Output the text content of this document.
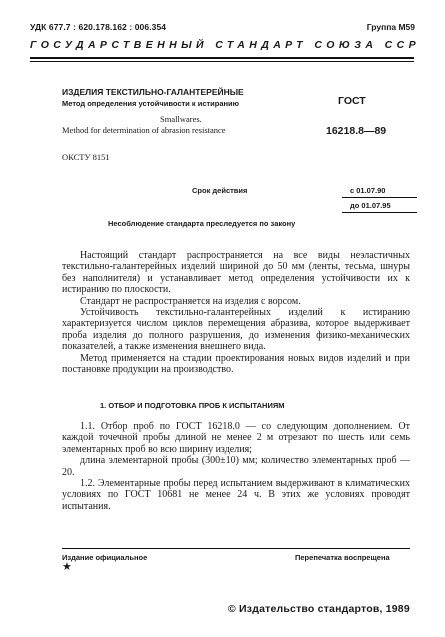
УДК 677.7 : 620.178.162 : 006.354	Группа М59
ГОСУДАРСТВЕННЫЙ СТАНДАРТ СОЮЗА ССР
ИЗДЕЛИЯ ТЕКСТИЛЬНО-ГАЛАНТЕРЕЙНЫЕ
Метод определения устойчивости к истиранию
Smallwares.
Method for determination of abrasion resistance
ГОСТ
16218.8—89
ОКСТУ 8151
Срок действия	с 01.07.90
до 01.07.95
Несоблюдение стандарта преследуется по закону

Настоящий стандарт распространяется на все виды неэластичных текстильно-галантерейных изделий шириной до 50 мм (ленты, тесьма, шнуры без наполнителя) и устанавливает метод определения устойчивости их к истиранию по плоскости.

Стандарт не распространяется на изделия с ворсом.

Устойчивость текстильно-галантерейных изделий к истиранию характеризуется числом циклов перемещения абразива, которое выдерживает проба изделия до полного разрушения, до изменения физико-механических показателей, а также изменения внешнего вида.

Метод применяется на стадии проектирования новых видов изделий и при постановке продукции на производство.

1. ОТБОР И ПОДГОТОВКА ПРОБ К ИСПЫТАНИЯМ

1.1. Отбор проб по ГОСТ 16218.0 — со следующим дополнением. От каждой точечной пробы длиной не менее 2 м отрезают по шесть или семь элементарных проб во всю ширину изделия;

длина элементарной пробы (300±10) мм; количество элементарных проб — 20.

1.2. Элементарные пробы перед испытанием выдерживают в климатических условиях по ГОСТ 10681 не менее 24 ч. В этих же условиях проводят испытания.

Издание официальное	Перепечатка воспрещена
★
© Издательство стандартов, 1989
